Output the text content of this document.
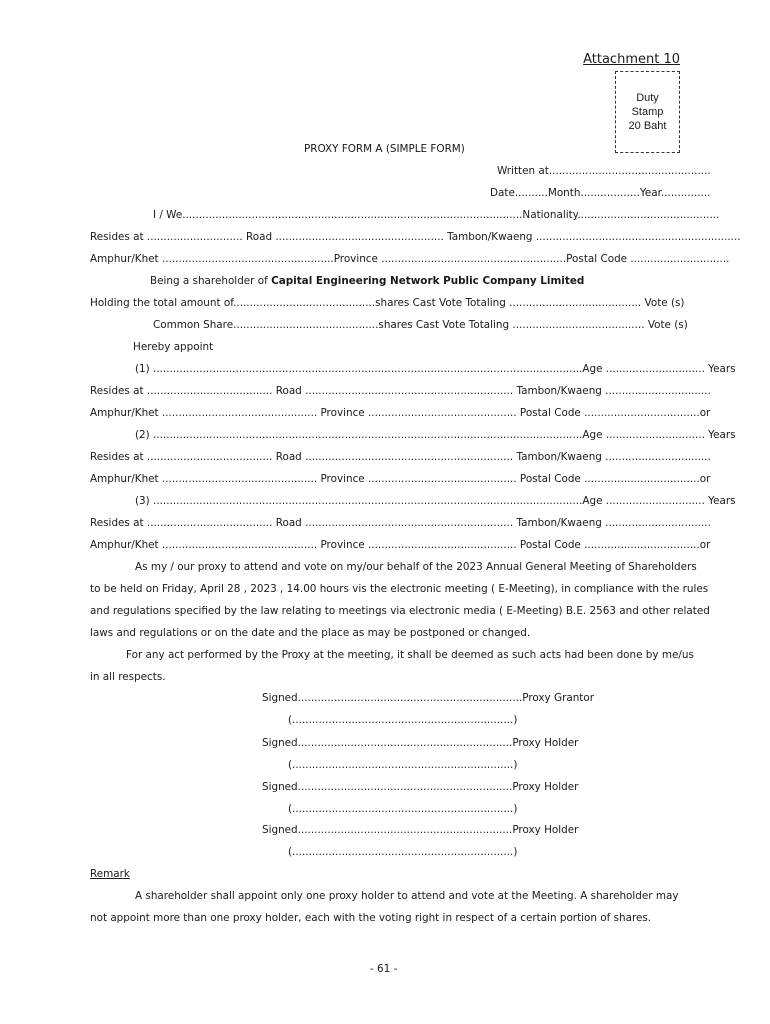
Attachment 10
Duty
Stamp
20 Baht
PROXY FORM A (SIMPLE FORM)
Written at.................................................
Date..........Month..................Year...............
I / We.......................................................................................................Nationality...........................................
Resides at ............................. Road ................................................... Tambon/Kwaeng ..............................................................
Amphur/Khet ....................................................Province ........................................................Postal Code ..............................
Being a shareholder of Capital Engineering Network Public Company Limited
Holding the total amount of...........................................shares Cast Vote Totaling ........................................ Vote (s)
Common Share............................................shares Cast Vote Totaling ........................................ Vote (s)
Hereby appoint
(1) ..................................................................................................................................Age .............................. Years
Resides at ...................................... Road ............................................................... Tambon/Kwaeng ................................
Amphur/Khet ............................................... Province ............................................. Postal Code ...................................or
(2) ..................................................................................................................................Age .............................. Years
Resides at ...................................... Road ............................................................... Tambon/Kwaeng ................................
Amphur/Khet ............................................... Province ............................................. Postal Code ...................................or
(3) ..................................................................................................................................Age .............................. Years
Resides at ...................................... Road ............................................................... Tambon/Kwaeng ................................
Amphur/Khet ............................................... Province ............................................. Postal Code ...................................or
As my / our proxy to attend and vote on my/our behalf of the 2023 Annual General Meeting of Shareholders
to be held on Friday, April 28 , 2023 , 14.00 hours vis the electronic meeting ( E-Meeting), in compliance with the rules
and regulations specified by the law relating to meetings via electronic media ( E-Meeting) B.E. 2563 and other related
laws and regulations or on the date and the place as may be postponed or changed.
For any act performed by the Proxy at the meeting, it shall be deemed as such acts had been done by me/us
in all respects.
Signed....................................................................Proxy Grantor
(...................................................................)
Signed.................................................................Proxy Holder
(...................................................................)
Signed.................................................................Proxy Holder
(...................................................................)
Signed.................................................................Proxy Holder
(...................................................................)
Remark
A shareholder shall appoint only one proxy holder to attend and vote at the Meeting. A shareholder may
not appoint more than one proxy holder, each with the voting right in respect of a certain portion of shares.
- 61 -
